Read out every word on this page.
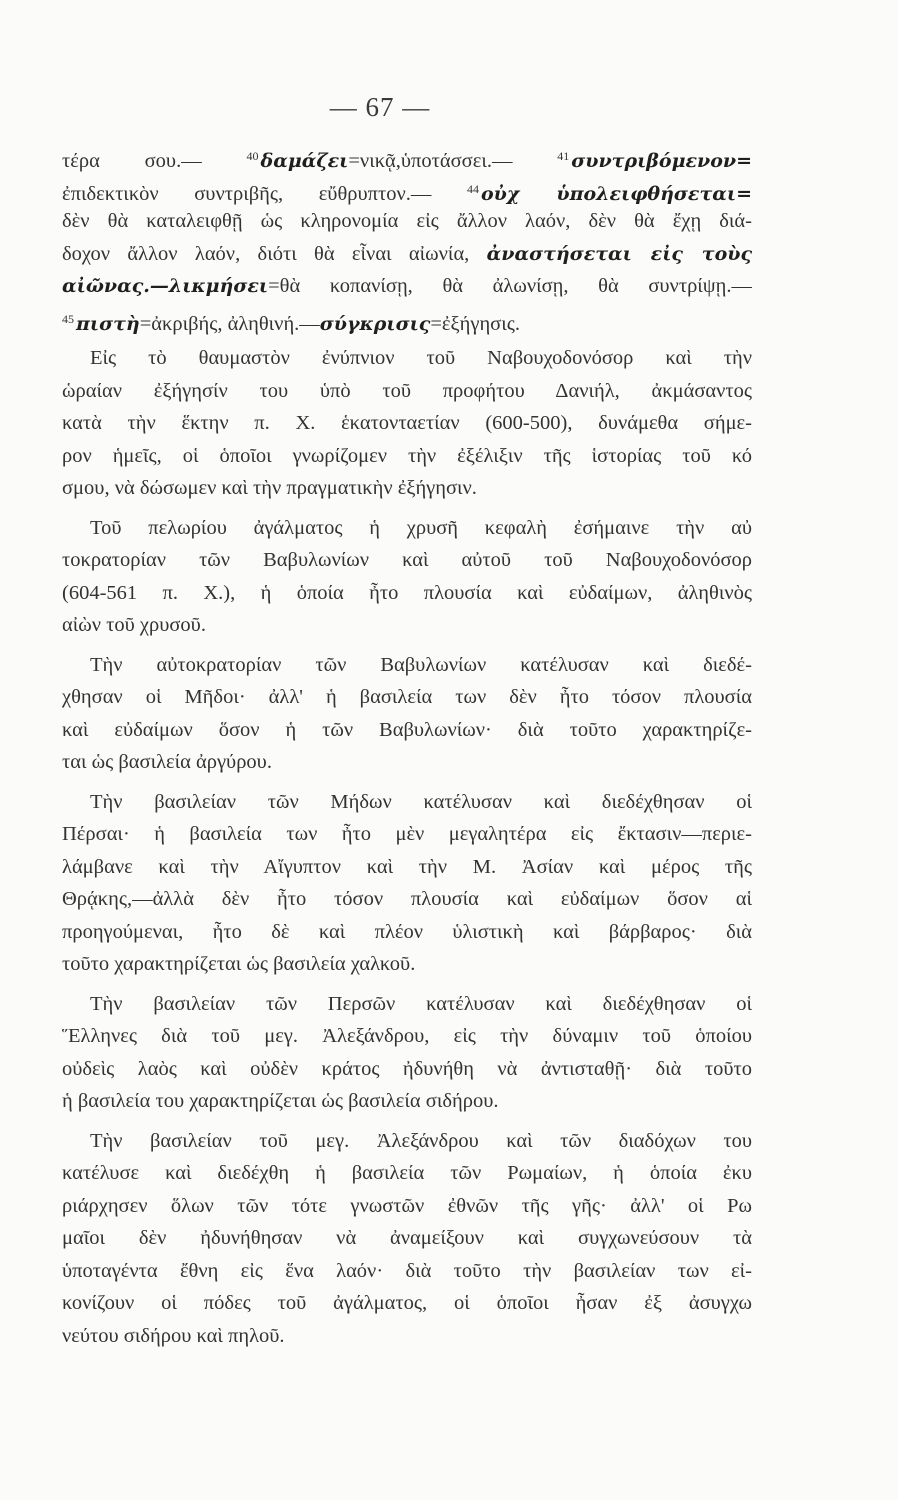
— 67 —
τέρα σου.—	$^{40}$ δαμάζει=νικᾷ,ὑποτάσσει.—	$^{41}$ συντριβόμενον=
ἐπιδεκτικὸν συντριβῆς, εὔθρυπτον.—	$^{44}$ οὐχ ὑπολειφθήσεται=
δὲν θὰ καταλειφθῇ ὡς κληρονομία εἰς ἄλλον λαόν, δὲν θὰ ἔχῃ διά-
δοχον ἄλλον λαόν, διότι θὰ εἶναι αἰωνία, ἀναστήσεται εἰς τοὺς
αἰῶνας.—λικμήσει=θὰ κοπανίσῃ, θὰ ἀλωνίσῃ, θὰ συντρίψῃ.—
$^{45}$ πιστὴ=ἀκριβής, ἀληθινή.—σύγκρισις=ἐξήγησις.
Εἰς τὸ θαυμαστὸν ἐνύπνιον τοῦ Ναβουχοδονόσορ καὶ τὴν
ὡραίαν ἐξήγησίν του ὑπὸ τοῦ προφήτου Δανιήλ, ἀκμάσαντος
κατὰ τὴν ἕκτην π. Χ. ἑκατονταετίαν (600-500), δυνάμεθα σήμε-
ρον ἡμεῖς, οἱ ὁποῖοι γνωρίζομεν τὴν ἐξέλιξιν τῆς ἱστορίας τοῦ κό
σμου, νὰ δώσωμεν καὶ τὴν πραγματικὴν ἐξήγησιν.
Τοῦ πελωρίου ἀγάλματος ἡ χρυσῆ κεφαλὴ ἐσήμαινε τὴν αὐ
τοκρατορίαν τῶν Βαβυλωνίων καὶ αὐτοῦ τοῦ Ναβουχοδονόσορ
(604-561 π. Χ.), ἡ ὁποία ἦτο πλουσία καὶ εὐδαίμων, ἀληθινὸς
αἰὼν τοῦ χρυσοῦ.
Τὴν αὐτοκρατορίαν τῶν Βαβυλωνίων κατέλυσαν καὶ διεδέ-
χθησαν οἱ Μῆδοι· ἀλλ' ἡ βασιλεία των δὲν ἦτο τόσον πλουσία
καὶ εὐδαίμων ὅσον ἡ τῶν Βαβυλωνίων· διὰ τοῦτο χαρακτηρίζε-
ται ὡς βασιλεία ἀργύρου.
Τὴν βασιλείαν τῶν Μήδων κατέλυσαν καὶ διεδέχθησαν οἱ
Πέρσαι· ἡ βασιλεία των ἦτο μὲν μεγαλητέρα εἰς ἔκτασιν—περιε-
λάμβανε καὶ τὴν Αἴγυπτον καὶ τὴν Μ. Ἀσίαν καὶ μέρος τῆς
Θρᾴκης,—ἀλλὰ δὲν ἦτο τόσον πλουσία καὶ εὐδαίμων ὅσον αἱ
προηγούμεναι, ἦτο δὲ καὶ πλέον ὑλιστικὴ καὶ βάρβαρος· διὰ
τοῦτο χαρακτηρίζεται ὡς βασιλεία χαλκοῦ.
Τὴν βασιλείαν τῶν Περσῶν κατέλυσαν καὶ διεδέχθησαν οἱ
Ἕλληνες διὰ τοῦ μεγ. Ἀλεξάνδρου, εἰς τὴν δύναμιν τοῦ ὁποίου
οὐδεὶς λαὸς καὶ οὐδὲν κράτος ἠδυνήθη νὰ ἀντισταθῇ· διὰ τοῦτο
ἡ βασιλεία του χαρακτηρίζεται ὡς βασιλεία σιδήρου.
Τὴν βασιλείαν τοῦ μεγ. Ἀλεξάνδρου καὶ τῶν διαδόχων του
κατέλυσε καὶ διεδέχθη ἡ βασιλεία τῶν Ρωμαίων, ἡ ὁποία ἐκυ
ριάρχησεν ὅλων τῶν τότε γνωστῶν ἐθνῶν τῆς γῆς· ἀλλ' οἱ Ρω
μαῖοι δὲν ἠδυνήθησαν νὰ ἀναμείξουν καὶ συγχωνεύσουν τὰ
ὑποταγέντα ἔθνη εἰς ἕνα λαόν· διὰ τοῦτο τὴν βασιλείαν των εἰ-
κονίζουν οἱ πόδες τοῦ ἀγάλματος, οἱ ὁποῖοι ἦσαν ἐξ ἀσυγχω
νεύτου σιδήρου καὶ πηλοῦ.
